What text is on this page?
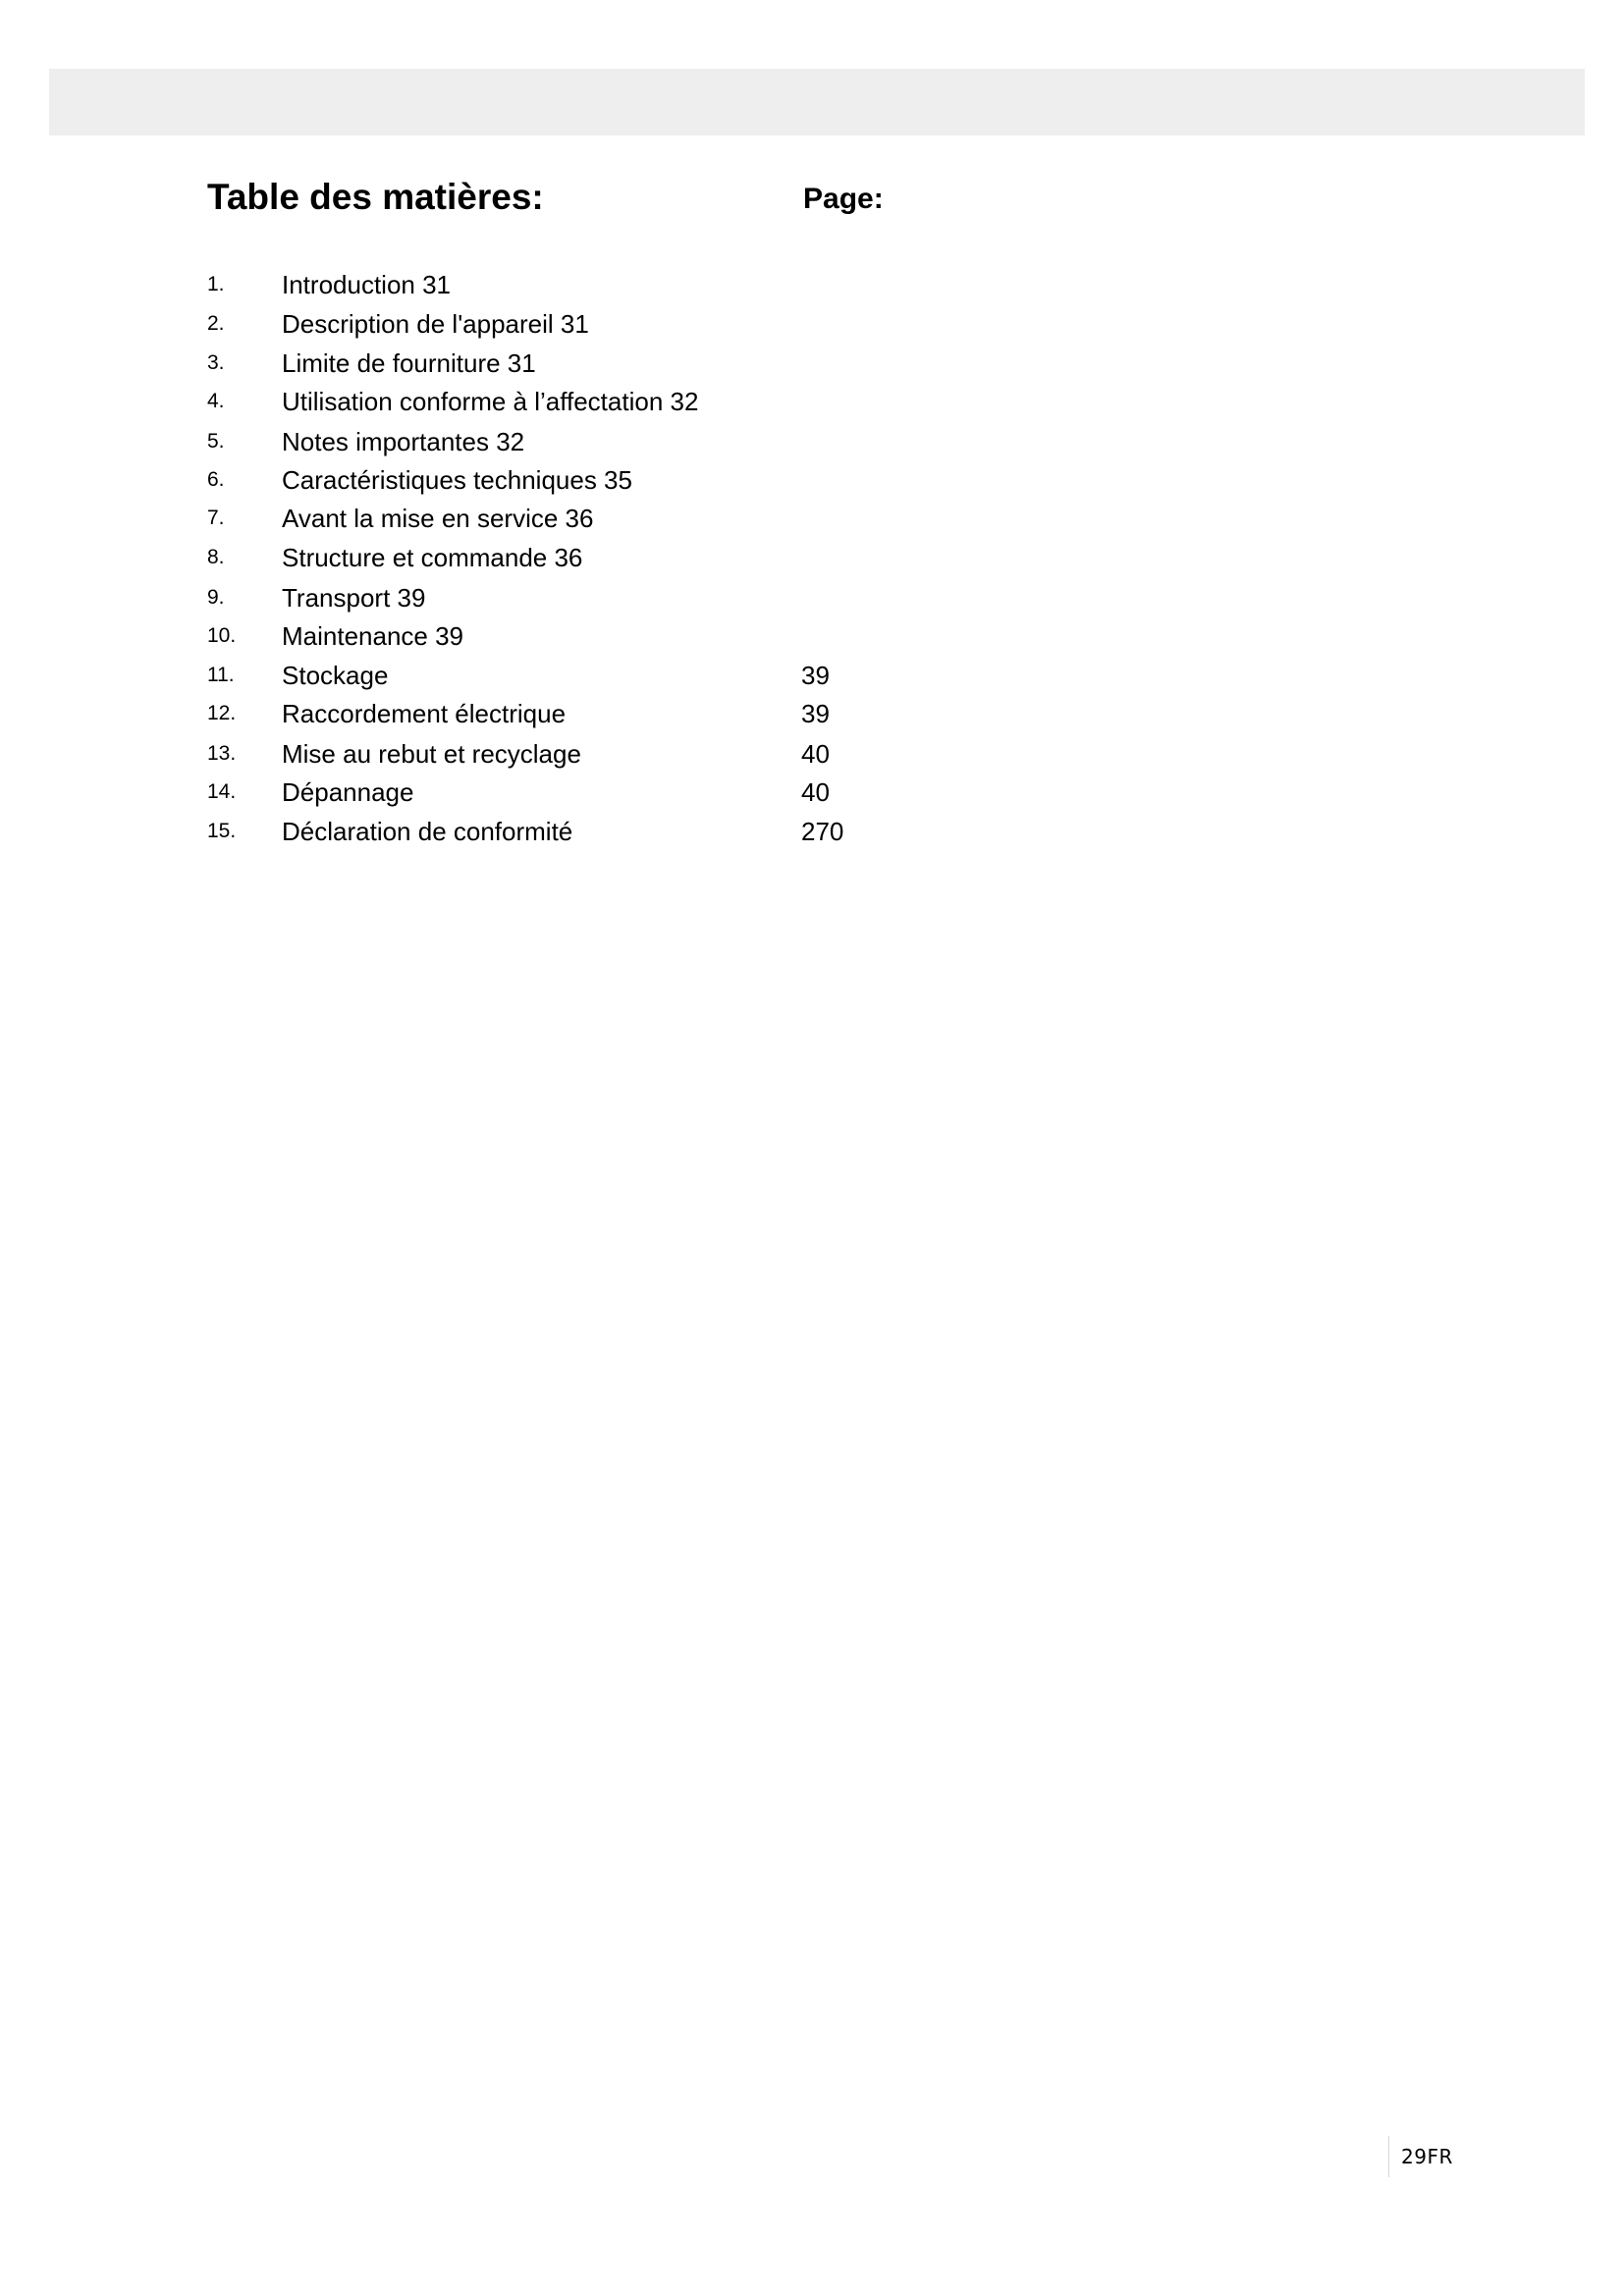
Table des matières:	Page:
1. Introduction 31
2. Description de l'appareil 31
3. Limite de fourniture 31
4. Utilisation conforme à l’affectation 32
5. Notes importantes 32
6. Caractéristiques techniques 35
7. Avant la mise en service 36
8. Structure et commande 36
9. Transport 39
10. Maintenance 39
11. Stockage	39
12. Raccordement électrique	39
13. Mise au rebut et recyclage	40
14. Dépannage	40
15. Déclaration de conformité	270
29FR
